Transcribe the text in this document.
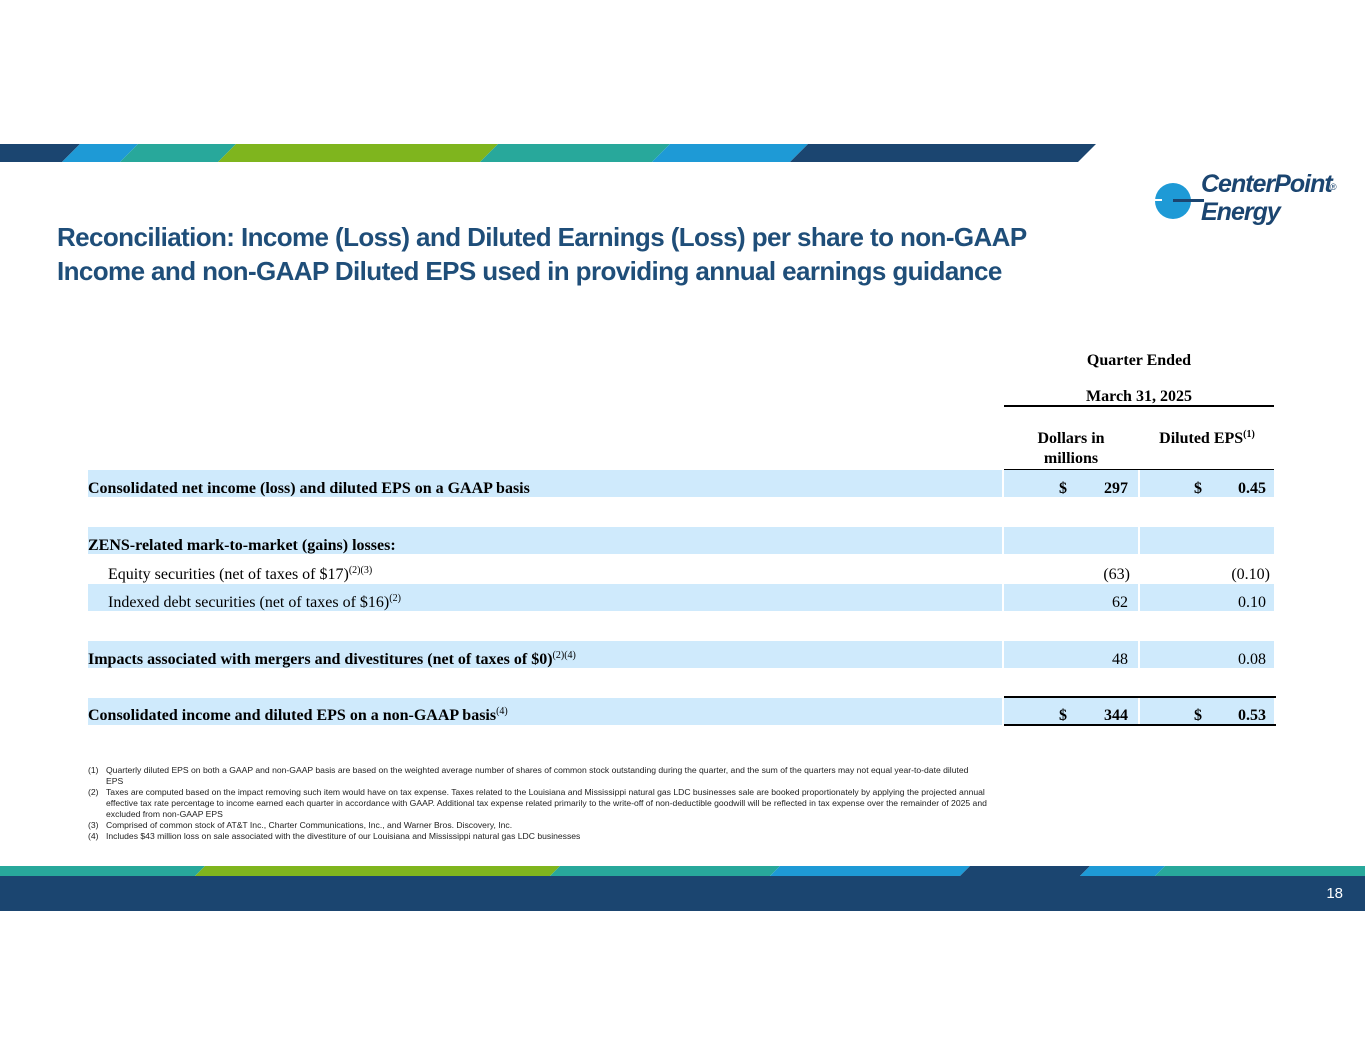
CenterPoint
Energy
®
Reconciliation: Income (Loss) and Diluted Earnings (Loss) per share to non-GAAP
Income and non-GAAP Diluted EPS used in providing annual earnings guidance
Quarter Ended
March 31, 2025
Dollars in millions
Diluted EPS$^{(1)}$
Consolidated net income (loss) and diluted EPS on a GAAP basis	$	297	$	0.45
ZENS-related mark-to-market (gains) losses:
Equity securities (net of taxes of $17)$^{(2)(3)}$	(63)	(0.10)
Indexed debt securities (net of taxes of $16)$^{(2)}$	62	0.10
Impacts associated with mergers and divestitures (net of taxes of $0)$^{(2)(4)}$	48	0.08
Consolidated income and diluted EPS on a non-GAAP basis$^{(4)}$	$	344	$	0.53
(1) Quarterly diluted EPS on both a GAAP and non-GAAP basis are based on the weighted average number of shares of common stock outstanding during the quarter, and the sum of the quarters may not equal year-to-date diluted EPS
(2) Taxes are computed based on the impact removing such item would have on tax expense. Taxes related to the Louisiana and Mississippi natural gas LDC businesses sale are booked proportionately by applying the projected annual effective tax rate percentage to income earned each quarter in accordance with GAAP. Additional tax expense related primarily to the write-off of non-deductible goodwill will be reflected in tax expense over the remainder of 2025 and excluded from non-GAAP EPS
(3) Comprised of common stock of AT&T Inc., Charter Communications, Inc., and Warner Bros. Discovery, Inc.
(4) Includes $43 million loss on sale associated with the divestiture of our Louisiana and Mississippi natural gas LDC businesses
18
